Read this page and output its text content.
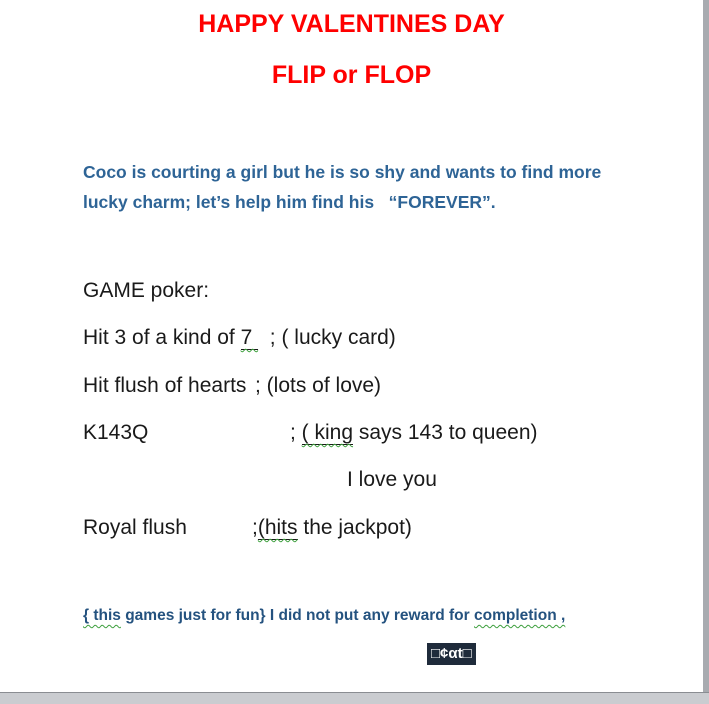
HAPPY VALENTINES DAY
FLIP or FLOP
Coco is courting a girl but he is so shy and wants to find more
lucky charm; let’s help him find his   “FOREVER”.
GAME poker:
Hit 3 of a kind of 7   ; ( lucky card)
Hit flush of hearts ; (lots of love)
K143Q	; ( king says 143 to queen)
I love you
Royal flush	;(hits the jackpot)
{ this games just for fun} I did not put any reward for completion ,
□¢αt□
